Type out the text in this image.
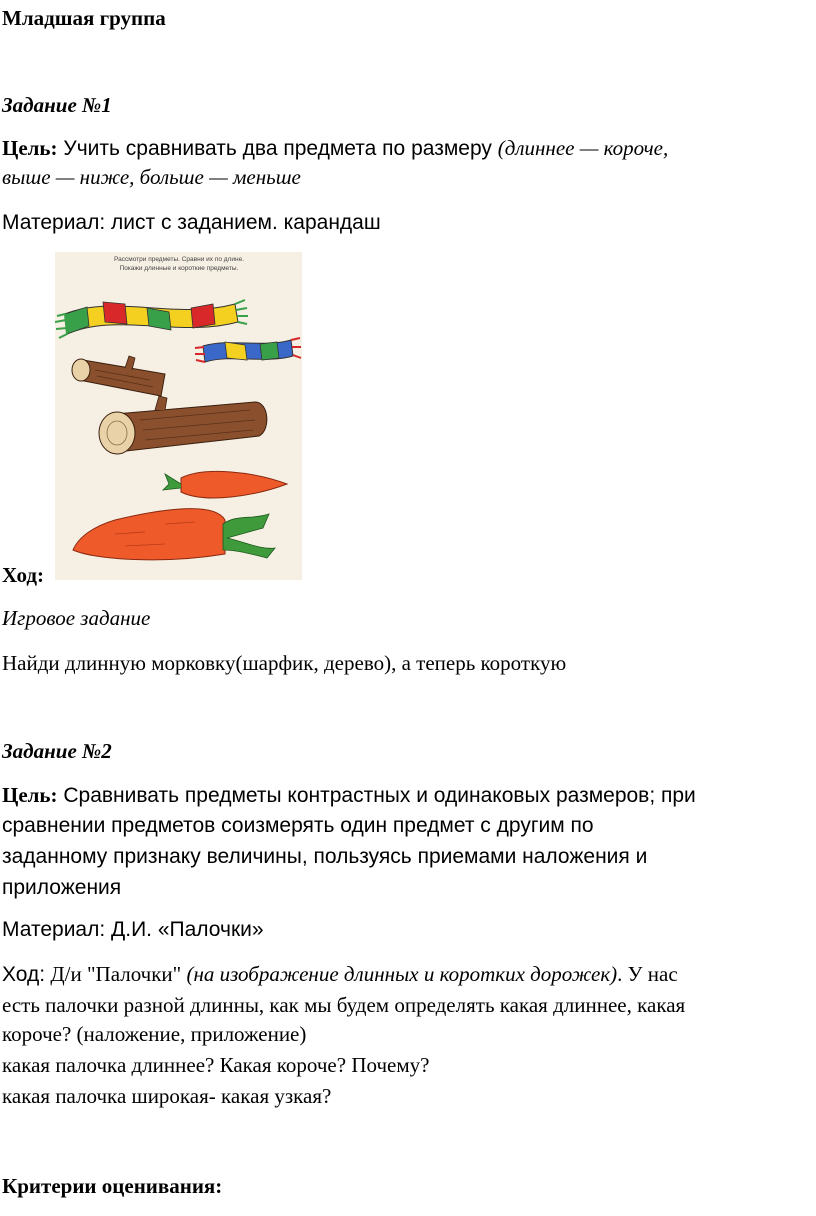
Младшая группа
Задание №1
Цель: Учить сравнивать два предмета по размеру (длиннее — короче,
выше — ниже, больше — меньше
Материал: лист с заданием. карандаш
Рассмотри предметы. Сравни их по длине.
Покажи длинные и короткие предметы.
Ход:
Игровое задание
Найди длинную морковку(шарфик, дерево), а теперь короткую
Задание №2
Цель: Сравнивать предметы контрастных и одинаковых размеров; при
сравнении предметов соизмерять один предмет с другим по
заданному признаку величины, пользуясь приемами наложения и
приложения
Материал: Д.И. «Палочки»
Ход: Д/и "Палочки" (на изображение длинных и коротких дорожек). У нас
есть палочки разной длинны, как мы будем определять какая длиннее, какая
короче? (наложение, приложение)
какая палочка длиннее? Какая короче? Почему?
какая палочка широкая- какая узкая?
Критерии оценивания:
